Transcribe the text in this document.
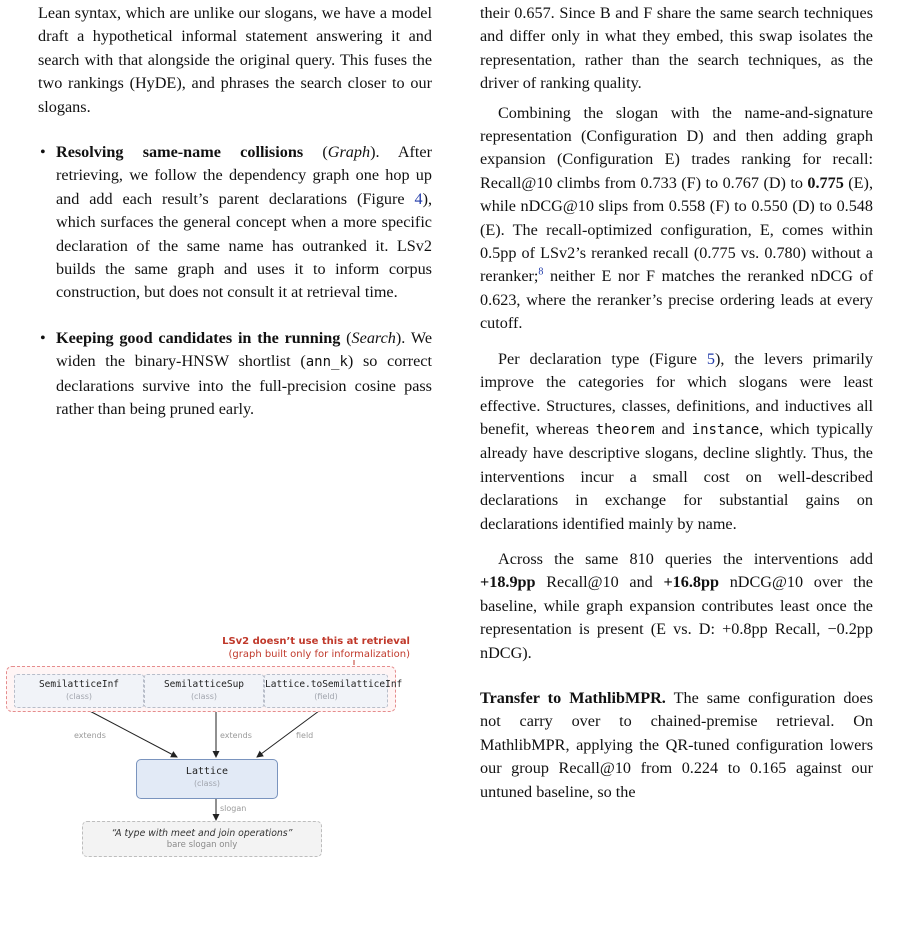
Lean syntax, which are unlike our slogans, we have a model draft a hypothetical informal statement answering it and search with that alongside the original query. This fuses the two rankings (HyDE), and phrases the search closer to our slogans.

• Resolving same-name collisions (Graph). After retrieving, we follow the dependency graph one hop up and add each result’s parent declarations (Figure 4), which surfaces the general concept when a more specific declaration of the same name has outranked it. LSv2 builds the same graph and uses it to inform corpus construction, but does not consult it at retrieval time.
• Keeping good candidates in the running (Search). We widen the binary-HNSW shortlist (ann_k) so correct declarations survive into the full-precision cosine pass rather than being pruned early.
LSv2 doesn’t use this at retrieval
(graph built only for informalization)
SemilatticeInf
(class)
SemilatticeSup
(class)
Lattice.toSemilatticeInf
(field)
extends	extends	field
Lattice
(class)
slogan
“A type with meet and join operations”
bare slogan only

their 0.657. Since B and F share the same search techniques and differ only in what they embed, this swap isolates the representation, rather than the search techniques, as the driver of ranking quality.

Combining the slogan with the name-and-signature representation (Configuration D) and then adding graph expansion (Configuration E) trades ranking for recall: Recall@10 climbs from 0.733 (F) to 0.767 (D) to 0.775 (E), while nDCG@10 slips from 0.558 (F) to 0.550 (D) to 0.548 (E). The recall-optimized configuration, E, comes within 0.5pp of LSv2’s reranked recall (0.775 vs. 0.780) without a reranker;$^8$ neither E nor F matches the reranked nDCG of 0.623, where the reranker’s precise ordering leads at every cutoff.

Per declaration type (Figure 5), the levers primarily improve the categories for which slogans were least effective. Structures, classes, definitions, and inductives all benefit, whereas theorem and instance, which typically already have descriptive slogans, decline slightly. Thus, the interventions incur a small cost on well-described declarations in exchange for substantial gains on declarations identified mainly by name.

Across the same 810 queries the interventions add +18.9pp Recall@10 and +16.8pp nDCG@10 over the baseline, while graph expansion contributes least once the representation is present (E vs. D: +0.8pp Recall, −0.2pp nDCG).

Transfer to MathlibMPR. The same configuration does not carry over to chained-premise retrieval. On MathlibMPR, applying the QR-tuned configuration lowers our group Recall@10 from 0.224 to 0.165 against our untuned baseline, so the
